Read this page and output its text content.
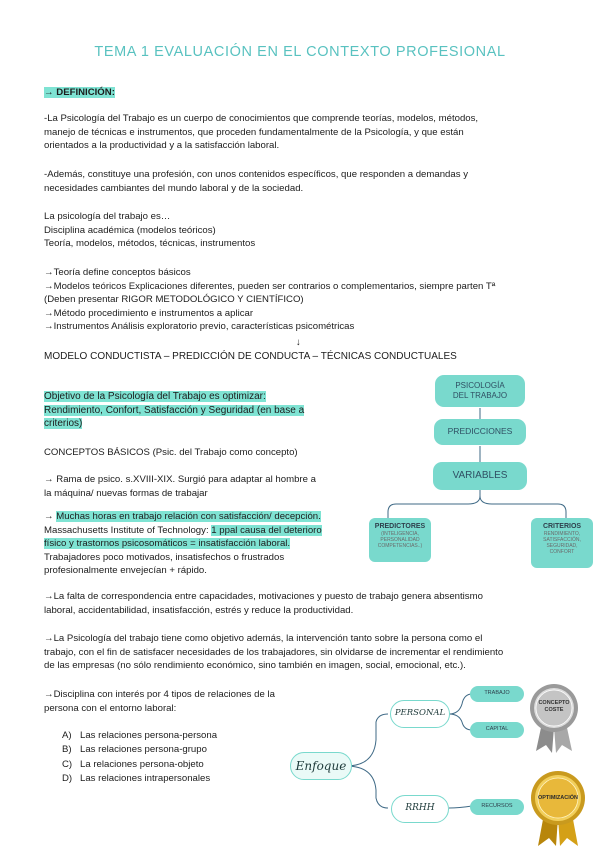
TEMA 1 EVALUACIÓN EN EL CONTEXTO PROFESIONAL
→ DEFINICIÓN:
-La Psicología del Trabajo es un cuerpo de conocimientos que comprende teorías, modelos, métodos,
manejo de técnicas e instrumentos, que proceden fundamentalmente de la Psicología, y que están
orientados a la productividad y a la satisfacción laboral.
-Además, constituye una profesión, con unos contenidos específicos, que responden a demandas y
necesidades cambiantes del mundo laboral y de la sociedad.
La psicología del trabajo es…
Disciplina académica (modelos teóricos)
Teoría, modelos, métodos, técnicas, instrumentos
→Teoría define conceptos básicos
→Modelos teóricos Explicaciones diferentes, pueden ser contrarios o complementarios, siempre parten Tª
(Deben presentar RIGOR METODOLÓGICO Y CIENTÍFICO)
→Método procedimiento e instrumentos a aplicar
→Instrumentos Análisis exploratorio previo, características psicométricas
↓
MODELO CONDUCTISTA – PREDICCIÓN DE CONDUCTA – TÉCNICAS CONDUCTUALES
Objetivo de la Psicología del Trabajo es optimizar:
Rendimiento, Confort, Satisfacción y Seguridad (en base a
criterios)
CONCEPTOS BÁSICOS (Psic. del Trabajo como concepto)
→ Rama de psico. s.XVIII-XIX. Surgió para adaptar al hombre a
la máquina/ nuevas formas de trabajar
→ Muchas horas en trabajo relación con satisfacción/ decepción.
Massachusetts Institute of Technology: 1 ppal causa del deterioro
físico y trastornos psicosomáticos = insatisfacción laboral.
Trabajadores poco motivados, insatisfechos o frustrados
profesionalmente envejecían + rápido.
→La falta de correspondencia entre capacidades, motivaciones y puesto de trabajo genera absentismo
laboral, accidentabilidad, insatisfacción, estrés y reduce la productividad.
→La Psicología del trabajo tiene como objetivo además, la intervención tanto sobre la persona como el
trabajo, con el fin de satisfacer necesidades de los trabajadores, sin olvidarse de incrementar el rendimiento
de las empresas (no sólo rendimiento económico, sino también en imagen, social, emocional, etc.).
→Disciplina con interés por 4 tipos de relaciones de la
persona con el entorno laboral:
A) Las relaciones persona-persona
B) Las relaciones persona-grupo
C) La relaciones persona-objeto
D) Las relaciones intrapersonales
PSICOLOGÍA
DEL TRABAJO
PREDICCIONES
VARIABLES
PREDICTORES
(INTELIGENCIA,
PERSONALIDAD
COMPETENCIAS..)
CRITERIOS
RENDIMIENTO,
SATISFACCIÓN,
SEGURIDAD,
CONFORT
Enfoque
PERSONAL
RRHH
TRABAJO
CAPITAL
RECURSOS
CONCEPTO
COSTE
OPTIMIZACIÓN
